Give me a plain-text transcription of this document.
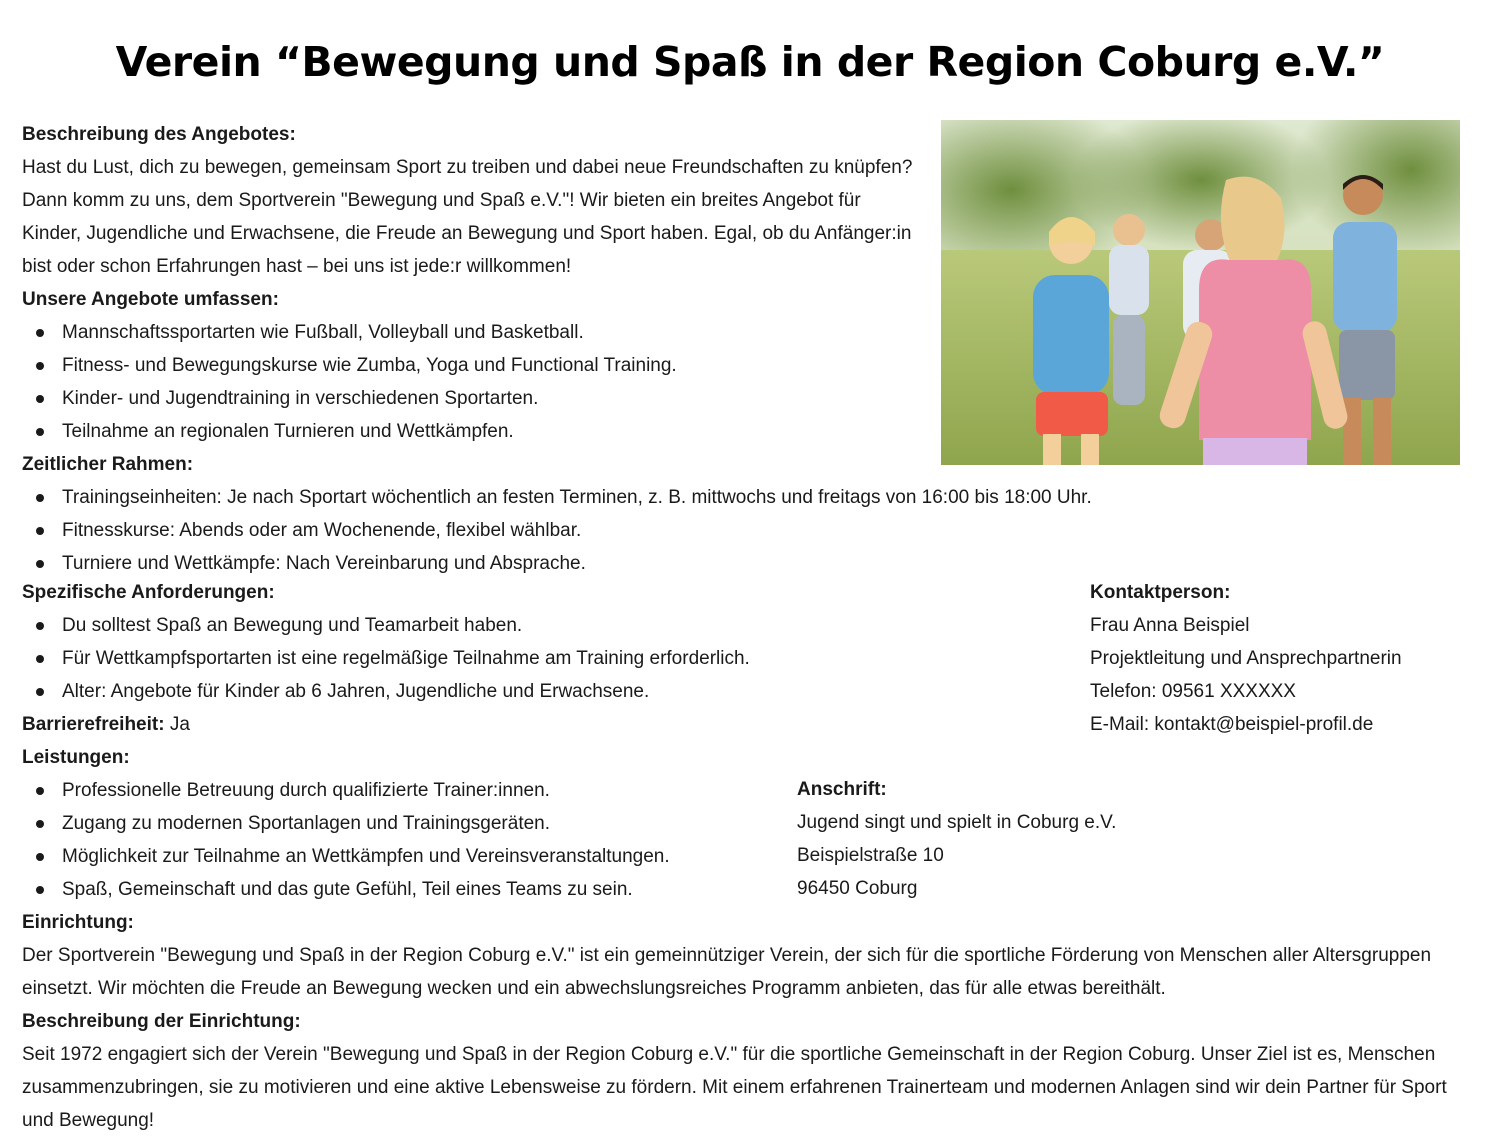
Verein “Bewegung und Spaß in der Region Coburg e.V.”
Beschreibung des Angebotes:

Hast du Lust, dich zu bewegen, gemeinsam Sport zu treiben und dabei neue Freundschaften zu knüpfen? Dann komm zu uns, dem Sportverein "Bewegung und Spaß e.V."! Wir bieten ein breites Angebot für Kinder, Jugendliche und Erwachsene, die Freude an Bewegung und Sport haben. Egal, ob du Anfänger:in bist oder schon Erfahrungen hast – bei uns ist jede:r willkommen!

Unsere Angebote umfassen:
Mannschaftssportarten wie Fußball, Volleyball und Basketball.
Fitness- und Bewegungskurse wie Zumba, Yoga und Functional Training.
Kinder- und Jugendtraining in verschiedenen Sportarten.
Teilnahme an regionalen Turnieren und Wettkämpfen.
Zeitlicher Rahmen:
Trainingseinheiten: Je nach Sportart wöchentlich an festen Terminen, z. B. mittwochs und freitags von 16:00 bis 18:00 Uhr.
Fitnesskurse: Abends oder am Wochenende, flexibel wählbar.
Turniere und Wettkämpfe: Nach Vereinbarung und Absprache.
Spezifische Anforderungen:
Du solltest Spaß an Bewegung und Teamarbeit haben.
Für Wettkampfsportarten ist eine regelmäßige Teilnahme am Training erforderlich.
Alter: Angebote für Kinder ab 6 Jahren, Jugendliche und Erwachsene.
Barrierefreiheit: Ja
Leistungen:
Professionelle Betreuung durch qualifizierte Trainer:innen.
Zugang zu modernen Sportanlagen und Trainingsgeräten.
Möglichkeit zur Teilnahme an Wettkämpfen und Vereinsveranstaltungen.
Spaß, Gemeinschaft und das gute Gefühl, Teil eines Teams zu sein.
Einrichtung:

Der Sportverein "Bewegung und Spaß in der Region Coburg e.V." ist ein gemeinnütziger Verein, der sich für die sportliche Förderung von Menschen aller Altersgruppen einsetzt. Wir möchten die Freude an Bewegung wecken und ein abwechslungsreiches Programm anbieten, das für alle etwas bereithält.

Beschreibung der Einrichtung:

Seit 1972 engagiert sich der Verein "Bewegung und Spaß in der Region Coburg e.V." für die sportliche Gemeinschaft in der Region Coburg. Unser Ziel ist es, Menschen zusammenzubringen, sie zu motivieren und eine aktive Lebensweise zu fördern. Mit einem erfahrenen Trainerteam und modernen Anlagen sind wir dein Partner für Sport und Bewegung!

Kontaktperson:
Frau Anna Beispiel
Projektleitung und Ansprechpartnerin
Telefon: 09561 XXXXXX
E-Mail: kontakt@beispiel-profil.de
Anschrift:
Jugend singt und spielt in Coburg e.V.
Beispielstraße 10
96450 Coburg
